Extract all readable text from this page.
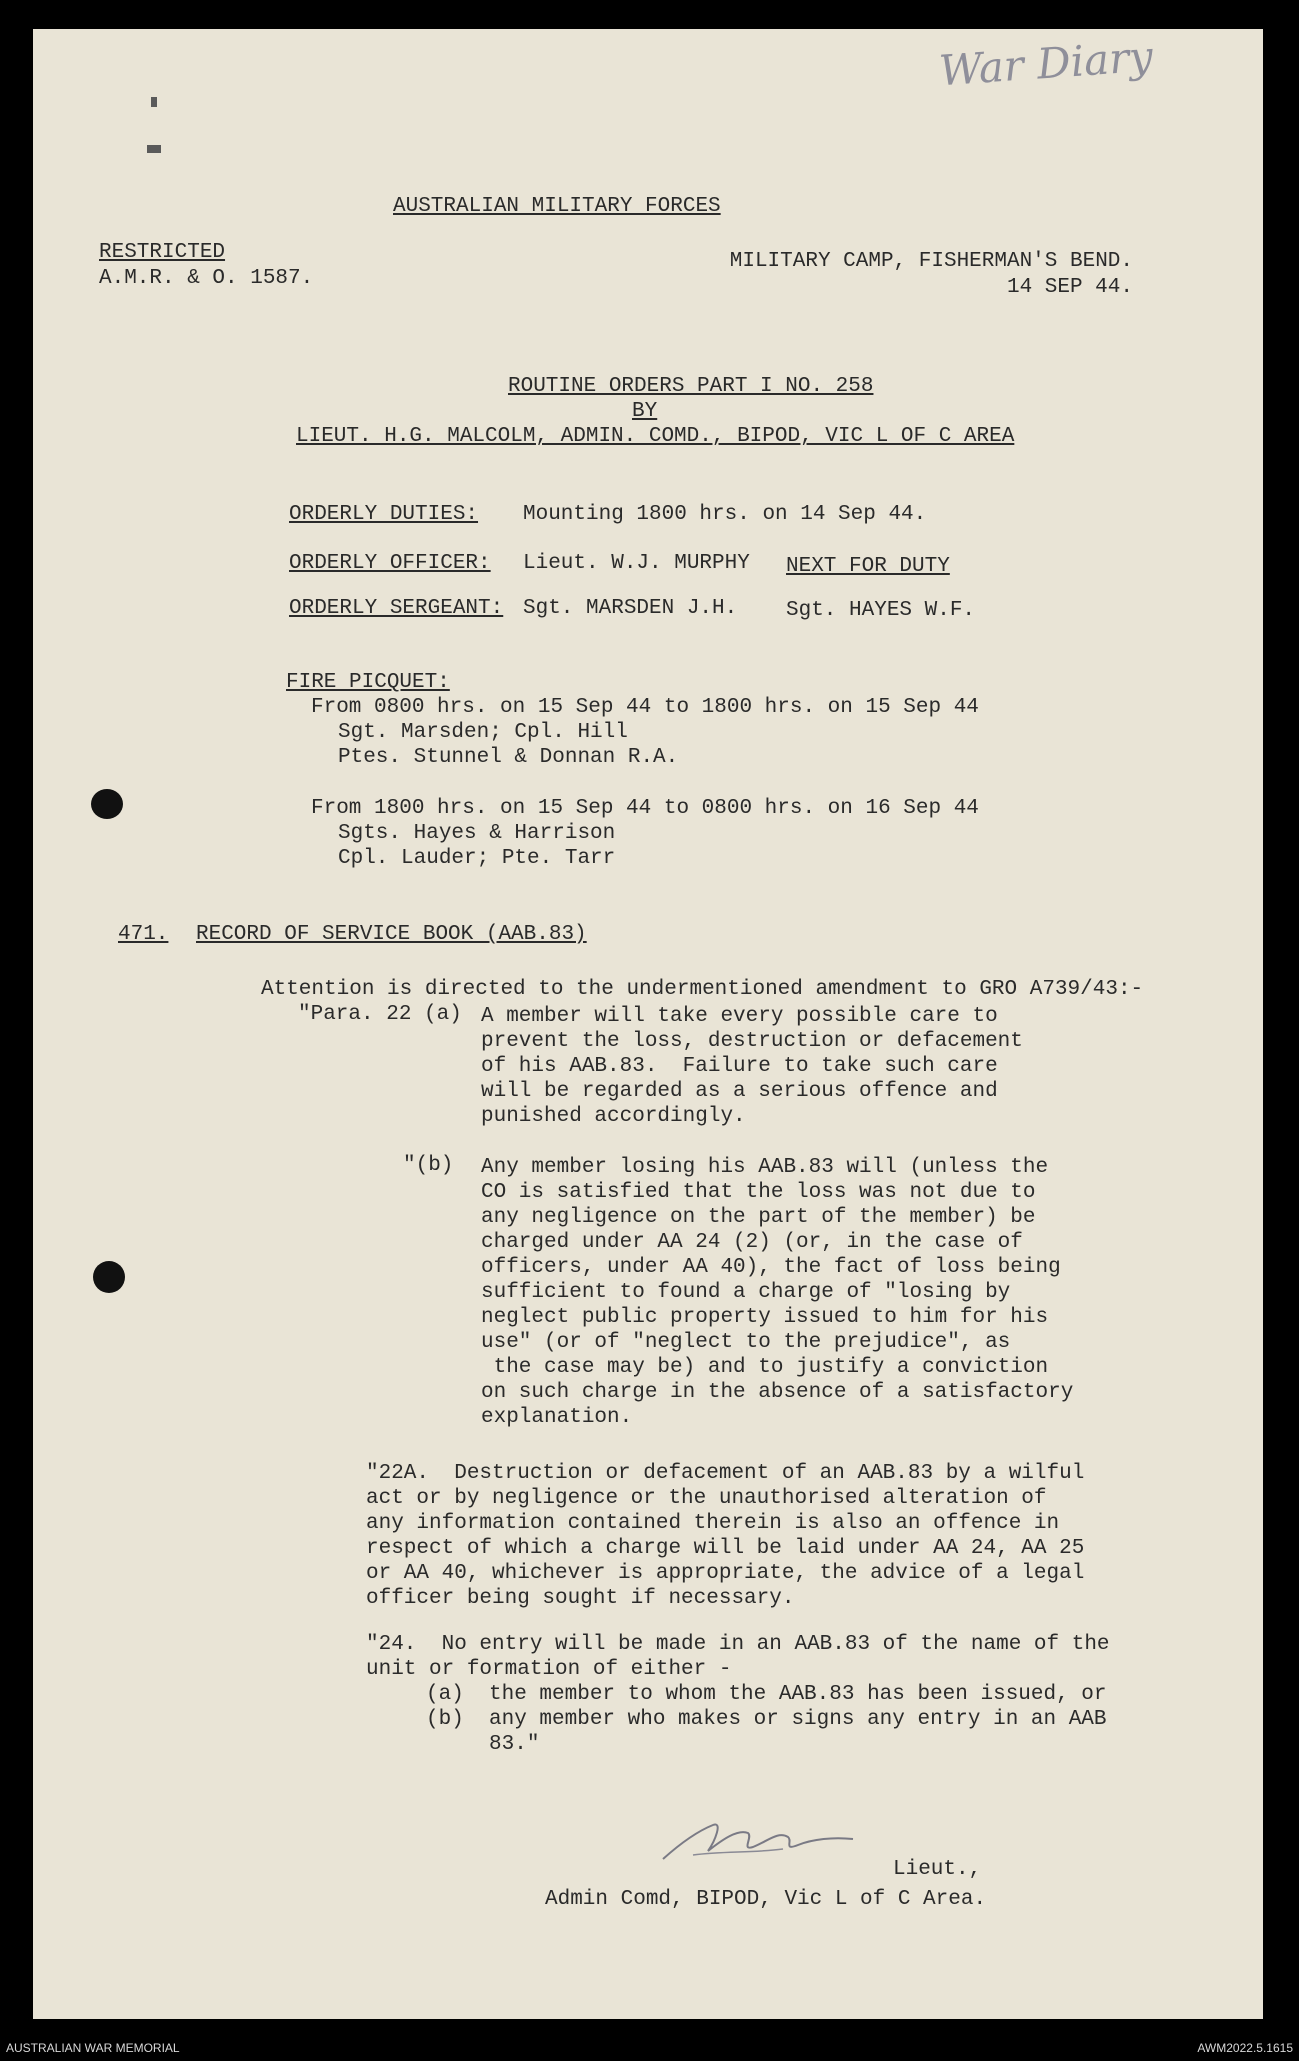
War Diary
AUSTRALIAN MILITARY FORCES
RESTRICTED
A.M.R. & O. 1587.
MILITARY CAMP, FISHERMAN'S BEND.
14 SEP 44.
ROUTINE ORDERS PART I NO. 258
BY
LIEUT. H.G. MALCOLM, ADMIN. COMD., BIPOD, VIC L OF C AREA
ORDERLY DUTIES: Mounting 1800 hrs. on 14 Sep 44.
ORDERLY OFFICER: Lieut. W.J. MURPHY NEXT FOR DUTY
ORDERLY SERGEANT: Sgt. MARSDEN J.H. Sgt. HAYES W.F.
FIRE PICQUET:
From 0800 hrs. on 15 Sep 44 to 1800 hrs. on 15 Sep 44
Sgt. Marsden; Cpl. Hill
Ptes. Stunnel & Donnan R.A.
From 1800 hrs. on 15 Sep 44 to 0800 hrs. on 16 Sep 44
Sgts. Hayes & Harrison
Cpl. Lauder; Pte. Tarr
471. RECORD OF SERVICE BOOK (AAB.83)
Attention is directed to the undermentioned amendment to GRO A739/43:-
"Para. 22 (a) A member will take every possible care to
prevent the loss, destruction or defacement
of his AAB.83.  Failure to take such care
will be regarded as a serious offence and
punished accordingly.
"(b) Any member losing his AAB.83 will (unless the
CO is satisfied that the loss was not due to
any negligence on the part of the member) be
charged under AA 24 (2) (or, in the case of
officers, under AA 40), the fact of loss being
sufficient to found a charge of "losing by
neglect public property issued to him for his
use" (or of "neglect to the prejudice", as
the case may be) and to justify a conviction
on such charge in the absence of a satisfactory
explanation.
"22A.  Destruction or defacement of an AAB.83 by a wilful
act or by negligence or the unauthorised alteration of
any information contained therein is also an offence in
respect of which a charge will be laid under AA 24, AA 25
or AA 40, whichever is appropriate, the advice of a legal
officer being sought if necessary.
"24.  No entry will be made in an AAB.83 of the name of the
unit or formation of either -
(a)  the member to whom the AAB.83 has been issued, or
(b)  any member who makes or signs any entry in an AAB
83."
Lieut.,
Admin Comd, BIPOD, Vic L of C Area.
AUSTRALIAN WAR MEMORIAL	AWM2022.5.1615
